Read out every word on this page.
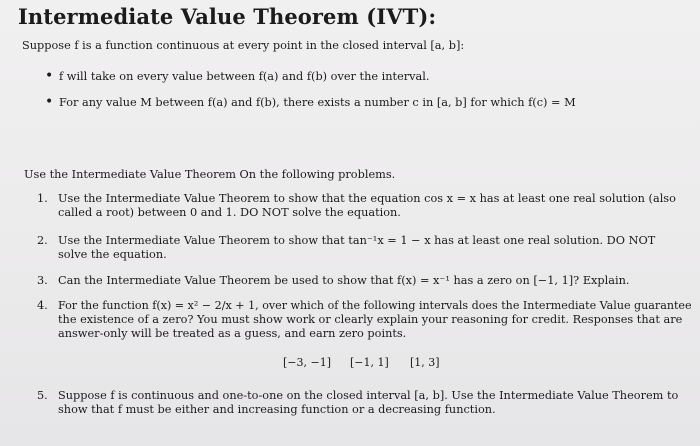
Intermediate Value Theorem (IVT):
Suppose f is a function continuous at every point in the closed interval [a, b]:
• f will take on every value between f(a) and f(b) over the interval.
• For any value M between f(a) and f(b), there exists a number c in [a, b] for which f(c) = M
Use the Intermediate Value Theorem On the following problems.
1. Use the Intermediate Value Theorem to show that the equation cos x = x has at least one real solution (also
called a root) between 0 and 1. DO NOT solve the equation.
2. Use the Intermediate Value Theorem to show that tan⁻¹x = 1 − x has at least one real solution. DO NOT
solve the equation.
3. Can the Intermediate Value Theorem be used to show that f(x) = x⁻¹ has a zero on [−1, 1]? Explain.
4. For the function f(x) = x² − 2/x + 1, over which of the following intervals does the Intermediate Value guarantee
the existence of a zero? You must show work or clearly explain your reasoning for credit. Responses that are
answer-only will be treated as a guess, and earn zero points.
[−3, −1] [−1, 1] [1, 3]
5. Suppose f is continuous and one-to-one on the closed interval [a, b]. Use the Intermediate Value Theorem to
show that f must be either and increasing function or a decreasing function.
